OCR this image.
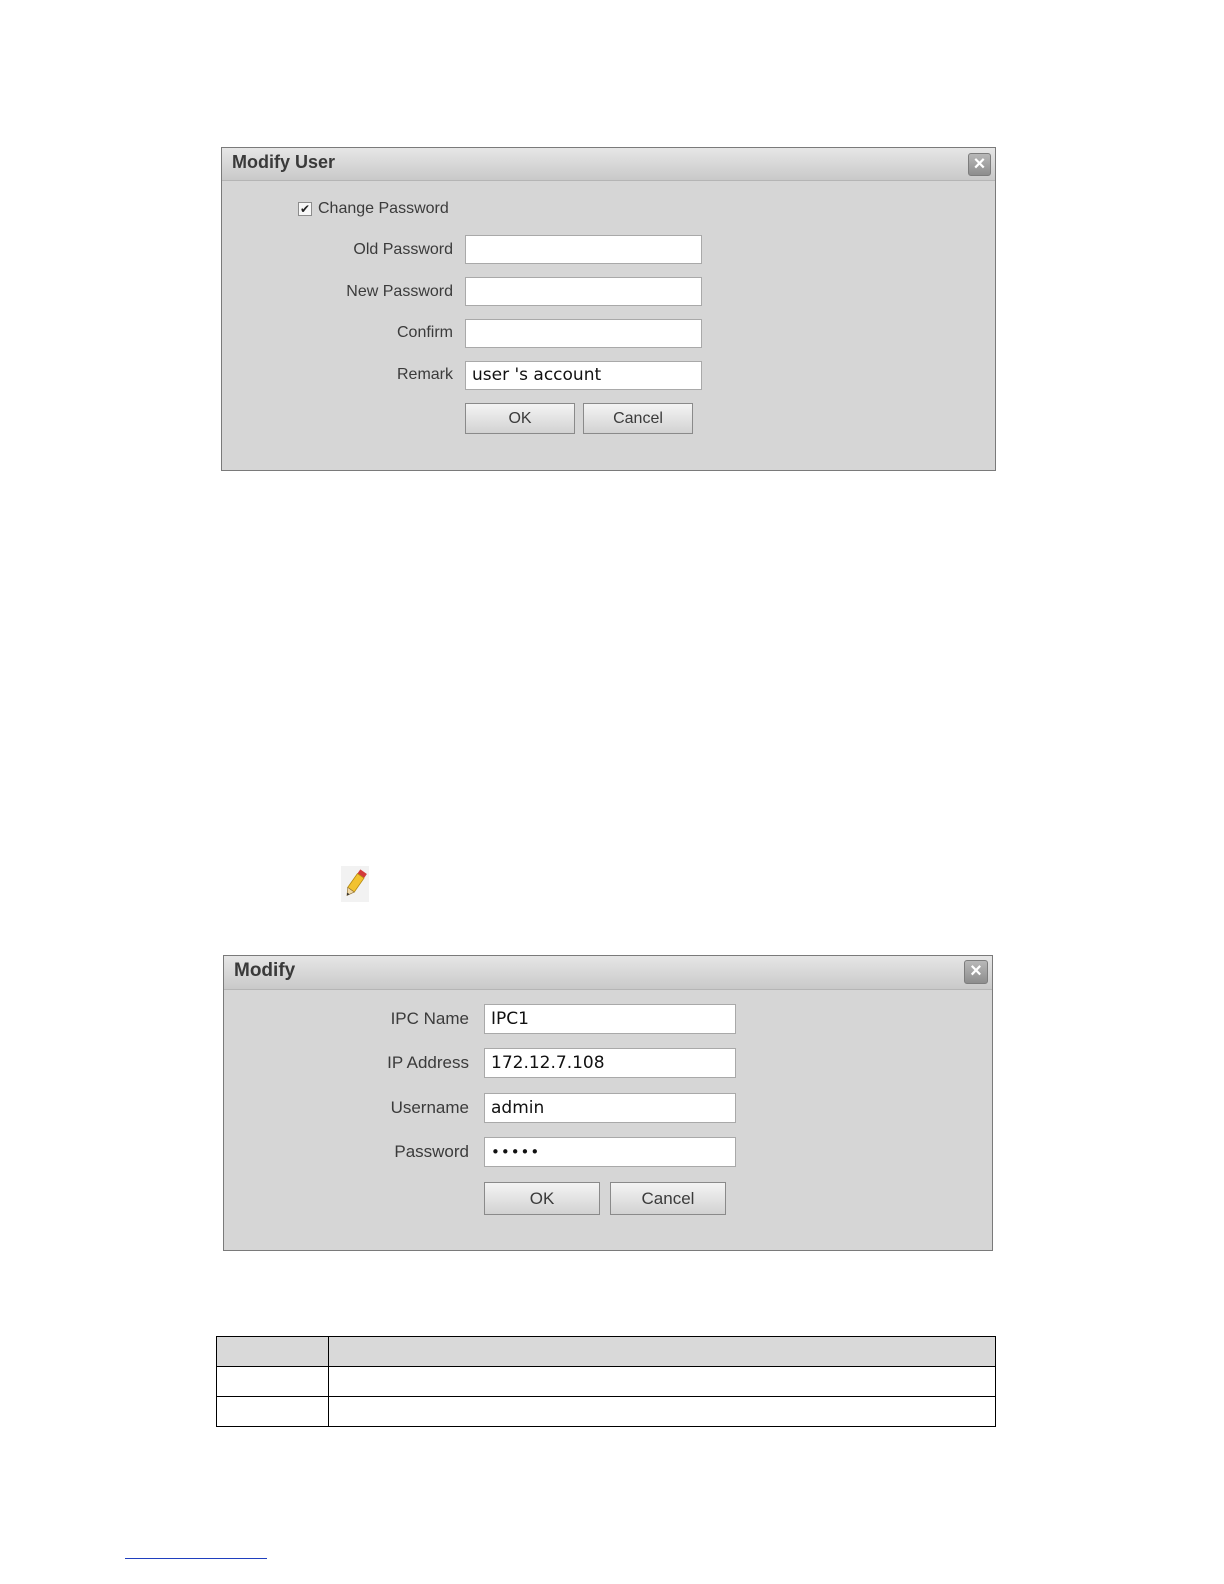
Modify User	×
✔ Change Password
Old Password
New Password
Confirm
Remark	user 's account
OK	Cancel
Modify	×
IPC Name	IPC1
IP Address	172.12.7.108
Username	admin
Password	•••••
OK	Cancel
